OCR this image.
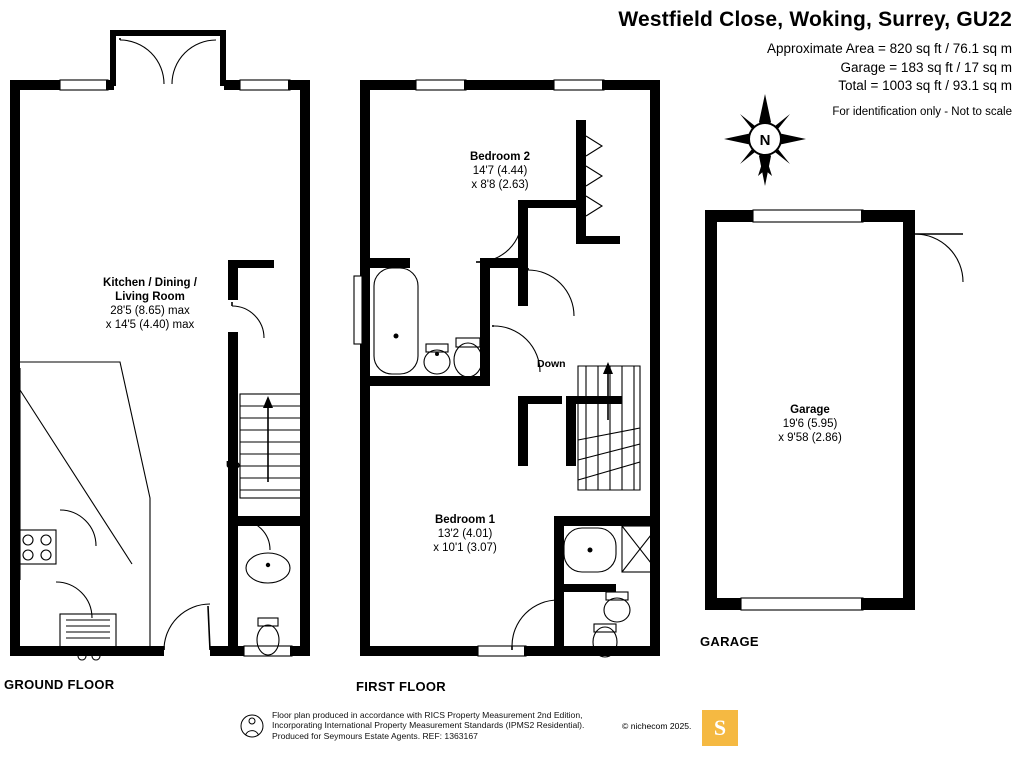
Westfield Close, Woking, Surrey, GU22
Approximate Area = 820 sq ft / 76.1 sq m
Garage = 183 sq ft / 17 sq m
Total = 1003 sq ft / 93.1 sq m
For identification only - Not to scale
N
Kitchen / Dining /
Living Room
28'5 (8.65) max
x 14'5 (4.40) max
Bedroom 2
14'7 (4.44)
x 8'8 (2.63)
Bedroom 1
13'2 (4.01)
x 10'1 (3.07)
Garage
19'6 (5.95)
x 9'58 (2.86)
Up
Down
GROUND FLOOR	FIRST FLOOR
GARAGE
Floor plan produced in accordance with RICS Property Measurement 2nd Edition,
Incorporating International Property Measurement Standards (IPMS2 Residential).
Produced for Seymours Estate Agents. REF: 1363167
© nichecom 2025. S
